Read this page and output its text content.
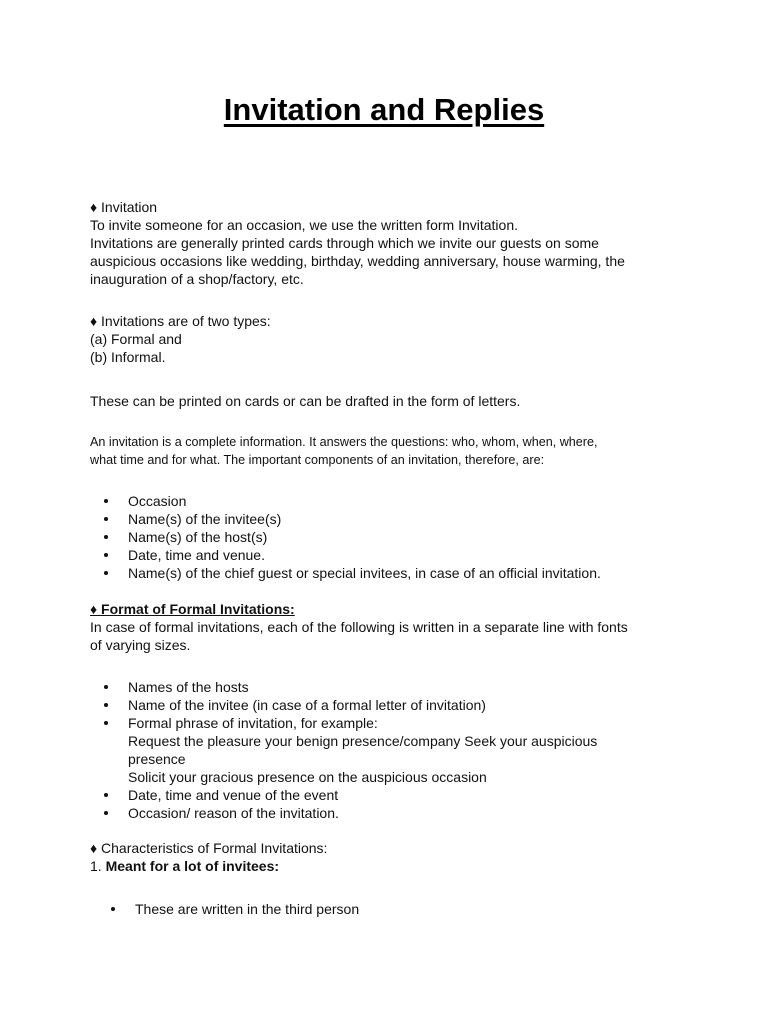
Invitation and Replies

♦ Invitation

To invite someone for an occasion, we use the written form Invitation.

Invitations are generally printed cards through which we invite our guests on some

auspicious occasions like wedding, birthday, wedding anniversary, house warming, the

inauguration of a shop/factory, etc.

♦ Invitations are of two types:

(a) Formal and

(b) Informal.

These can be printed on cards or can be drafted in the form of letters.

An invitation is a complete information. It answers the questions: who, whom, when, where,

what time and for what. The important components of an invitation, therefore, are:

Occasion
Name(s) of the invitee(s)
Name(s) of the host(s)
Date, time and venue.
Name(s) of the chief guest or special invitees, in case of an official invitation.

♦ Format of Formal Invitations:

In case of formal invitations, each of the following is written in a separate line with fonts

of varying sizes.

Names of the hosts
Name of the invitee (in case of a formal letter of invitation)
Formal phrase of invitation, for example:
Request the pleasure your benign presence/company Seek your auspicious
presence
Solicit your gracious presence on the auspicious occasion
Date, time and venue of the event
Occasion/ reason of the invitation.

♦ Characteristics of Formal Invitations:

1. Meant for a lot of invitees:

These are written in the third person
